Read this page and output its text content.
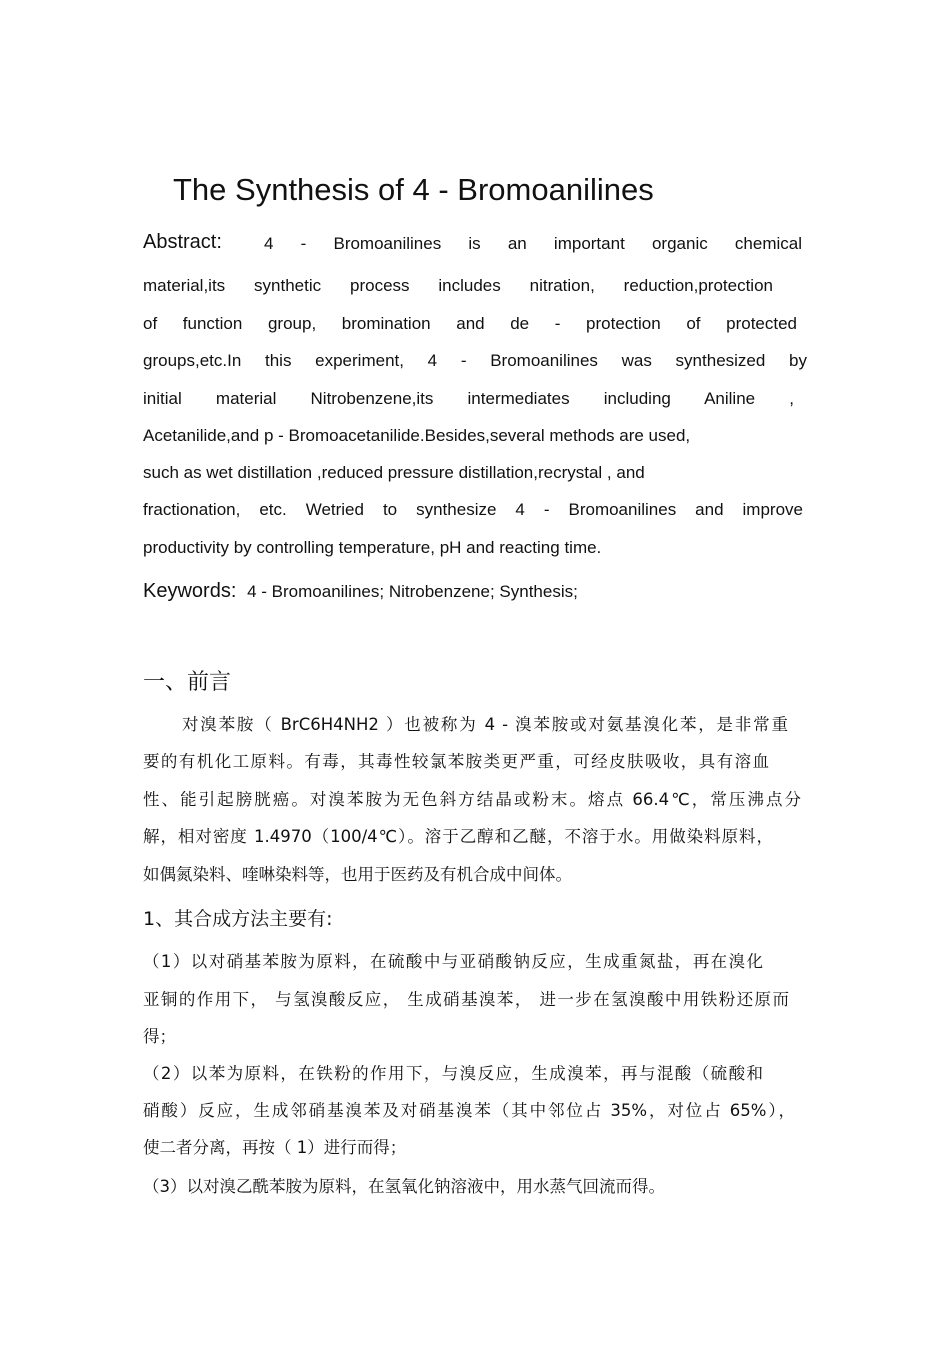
The Synthesis of 4 - Bromoanilines
Abstract: 4 - Bromoanilines is an important organic chemical
material,its synthetic process includes nitration, reduction,protection
of function group, bromination and de - protection of protected
groups,etc.In this experiment, 4 - Bromoanilines was synthesized by
initial material Nitrobenzene,its intermediates including Aniline ,
Acetanilide,and p - Bromoacetanilide.Besides,several methods are used,
such as wet distillation ,reduced pressure distillation,recrystal , and
fractionation, etc. Wetried to synthesize 4 - Bromoanilines and improve
productivity by controlling temperature, pH and reacting time.
Keywords: 4 - Bromoanilines; Nitrobenzene; Synthesis;
一、前言
对溴苯胺（ BrC6H4NH2 ）也被称为 4 - 溴苯胺或对氨基溴化苯，是非常重
要的有机化工原料。有毒，其毒性较氯苯胺类更严重，可经皮肤吸收，具有溶血
性、能引起膀胱癌。对溴苯胺为无色斜方结晶或粉末。熔点 66.4℃，常压沸点分
解，相对密度 1.4970（100/4℃）。溶于乙醇和乙醚，不溶于水。用做染料原料，
如偶氮染料、喹啉染料等，也用于医药及有机合成中间体。
1、其合成方法主要有:
（1）以对硝基苯胺为原料，在硫酸中与亚硝酸钠反应，生成重氮盐，再在溴化
亚铜的作用下， 与氢溴酸反应， 生成硝基溴苯， 进一步在氢溴酸中用铁粉还原而
得；
（2）以苯为原料，在铁粉的作用下，与溴反应，生成溴苯，再与混酸（硫酸和
硝酸）反应，生成邻硝基溴苯及对硝基溴苯（其中邻位占 35%，对位占 65%），
使二者分离，再按（ 1）进行而得；
（3）以对溴乙酰苯胺为原料，在氢氧化钠溶液中，用水蒸气回流而得。
